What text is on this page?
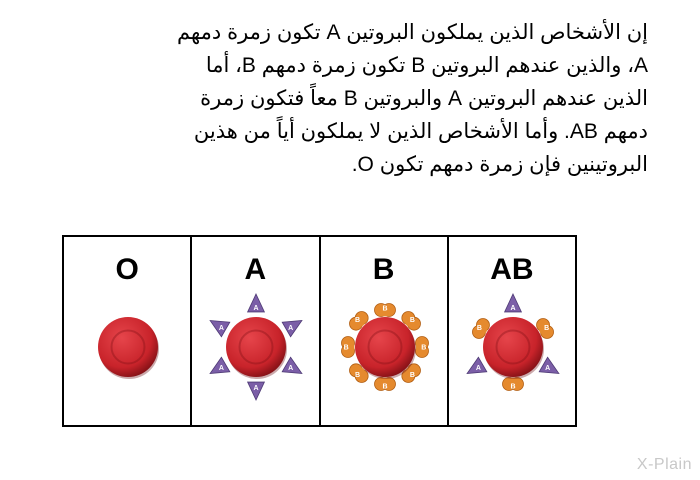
إن الأشخاص الذين يملكون البروتين A تكون زمرة دمهم

A، والذين عندهم البروتين B تكون زمرة دمهم B، أما

الذين عندهم البروتين A والبروتين B معاً فتكون زمرة

دمهم AB. وأما الأشخاص الذين لا يملكون أياً من هذين

البروتينين فإن زمرة دمهم تكون O.

O	A
A
A
A
A
A
A
B
B
B
B
B
B
B
B
B
AB
A
A
A
B
B
B
X-Plain
